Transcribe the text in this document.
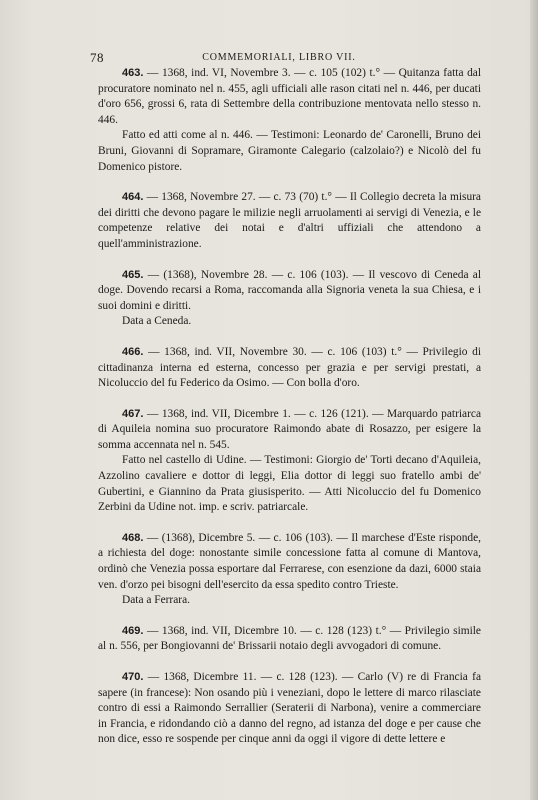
78	COMMEMORIALI, LIBRO VII.

463. — 1368, ind. VI, Novembre 3. — c. 105 (102) t.° — Quitanza fatta dal procuratore nominato nel n. 455, agli ufficiali alle rason citati nel n. 446, per ducati d'oro 656, grossi 6, rata di Settembre della contribuzione mentovata nello stesso n. 446.

Fatto ed atti come al n. 446. — Testimoni: Leonardo de' Caronelli, Bruno dei Bruni, Giovanni di Sopramare, Giramonte Calegario (calzolaio?) e Nicolò del fu Domenico pistore.

464. — 1368, Novembre 27. — c. 73 (70) t.° — Il Collegio decreta la misura dei diritti che devono pagare le milizie negli arruolamenti ai servigi di Venezia, e le competenze relative dei notai e d'altri uffiziali che attendono a quell'amministrazione.

465. — (1368), Novembre 28. — c. 106 (103). — Il vescovo di Ceneda al doge. Dovendo recarsi a Roma, raccomanda alla Signoria veneta la sua Chiesa, e i suoi domini e diritti.

Data a Ceneda.

466. — 1368, ind. VII, Novembre 30. — c. 106 (103) t.° — Privilegio di cittadinanza interna ed esterna, concesso per grazia e per servigi prestati, a Nicoluccio del fu Federico da Osimo. — Con bolla d'oro.

467. — 1368, ind. VII, Dicembre 1. — c. 126 (121). — Marquardo patriarca di Aquileia nomina suo procuratore Raimondo abate di Rosazzo, per esigere la somma accennata nel n. 545.

Fatto nel castello di Udine. — Testimoni: Giorgio de' Torti decano d'Aquileia, Azzolino cavaliere e dottor di leggi, Elia dottor di leggi suo fratello ambi de' Gubertini, e Giannino da Prata giusisperito. — Atti Nicoluccio del fu Domenico Zerbini da Udine not. imp. e scriv. patriarcale.

468. — (1368), Dicembre 5. — c. 106 (103). — Il marchese d'Este risponde, a richiesta del doge: nonostante simile concessione fatta al comune di Mantova, ordinò che Venezia possa esportare dal Ferrarese, con esenzione da dazi, 6000 staia ven. d'orzo pei bisogni dell'esercito da essa spedito contro Trieste.

Data a Ferrara.

469. — 1368, ind. VII, Dicembre 10. — c. 128 (123) t.° — Privilegio simile al n. 556, per Bongiovanni de' Brissarii notaio degli avvogadori di comune.

470. — 1368, Dicembre 11. — c. 128 (123). — Carlo (V) re di Francia fa sapere (in francese): Non osando più i veneziani, dopo le lettere di marco rilasciate contro di essi a Raimondo Serrallier (Seraterii di Narbona), venire a commerciare in Francia, e ridondando ciò a danno del regno, ad istanza del doge e per cause che non dice, esso re sospende per cinque anni da oggi il vigore di dette lettere e
